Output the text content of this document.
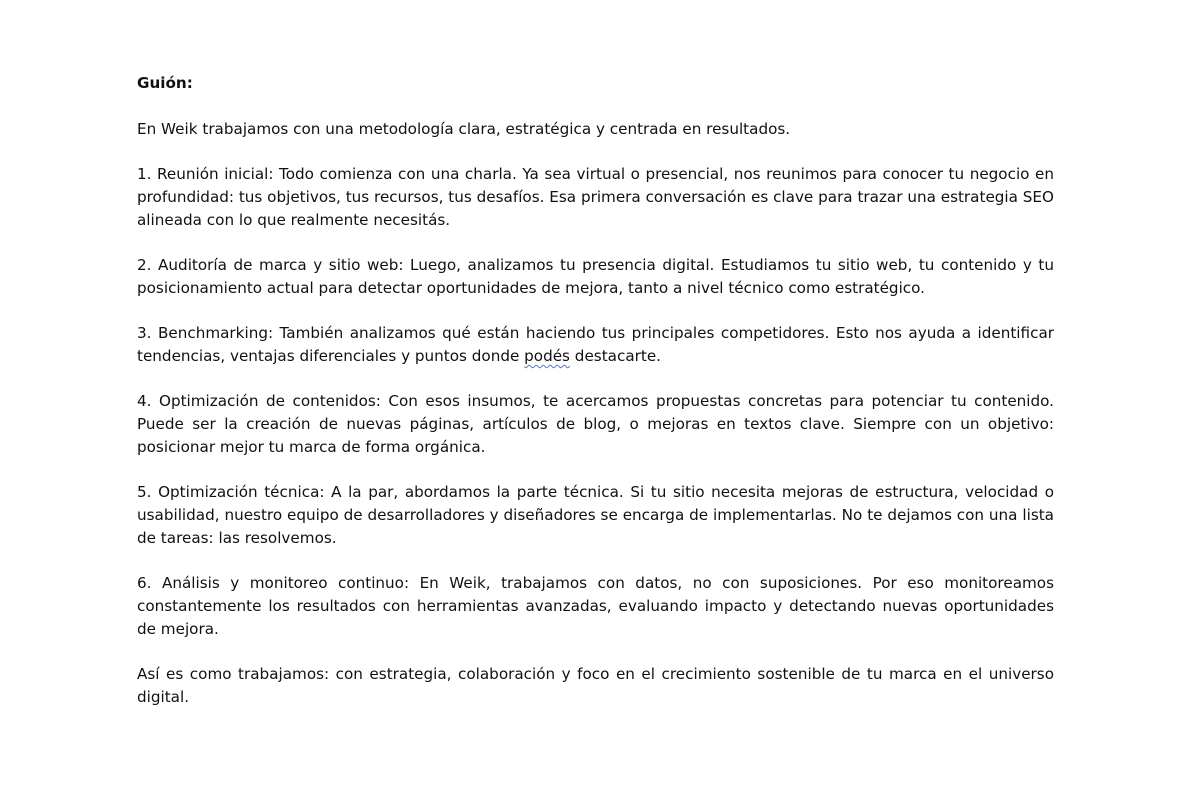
Guión:

En Weik trabajamos con una metodología clara, estratégica y centrada en resultados.

1. Reunión inicial: Todo comienza con una charla. Ya sea virtual o presencial, nos reunimos para conocer tu negocio en profundidad: tus objetivos, tus recursos, tus desafíos. Esa primera conversación es clave para trazar una estrategia SEO alineada con lo que realmente necesitás.

2. Auditoría de marca y sitio web: Luego, analizamos tu presencia digital. Estudiamos tu sitio web, tu contenido y tu posicionamiento actual para detectar oportunidades de mejora, tanto a nivel técnico como estratégico.

3. Benchmarking: También analizamos qué están haciendo tus principales competidores. Esto nos ayuda a identificar tendencias, ventajas diferenciales y puntos donde podés destacarte.

4. Optimización de contenidos: Con esos insumos, te acercamos propuestas concretas para potenciar tu contenido. Puede ser la creación de nuevas páginas, artículos de blog, o mejoras en textos clave. Siempre con un objetivo: posicionar mejor tu marca de forma orgánica.

5. Optimización técnica: A la par, abordamos la parte técnica. Si tu sitio necesita mejoras de estructura, velocidad o usabilidad, nuestro equipo de desarrolladores y diseñadores se encarga de implementarlas. No te dejamos con una lista de tareas: las resolvemos.

6. Análisis y monitoreo continuo: En Weik, trabajamos con datos, no con suposiciones. Por eso monitoreamos constantemente los resultados con herramientas avanzadas, evaluando impacto y detectando nuevas oportunidades de mejora.

Así es como trabajamos: con estrategia, colaboración y foco en el crecimiento sostenible de tu marca en el universo digital.
